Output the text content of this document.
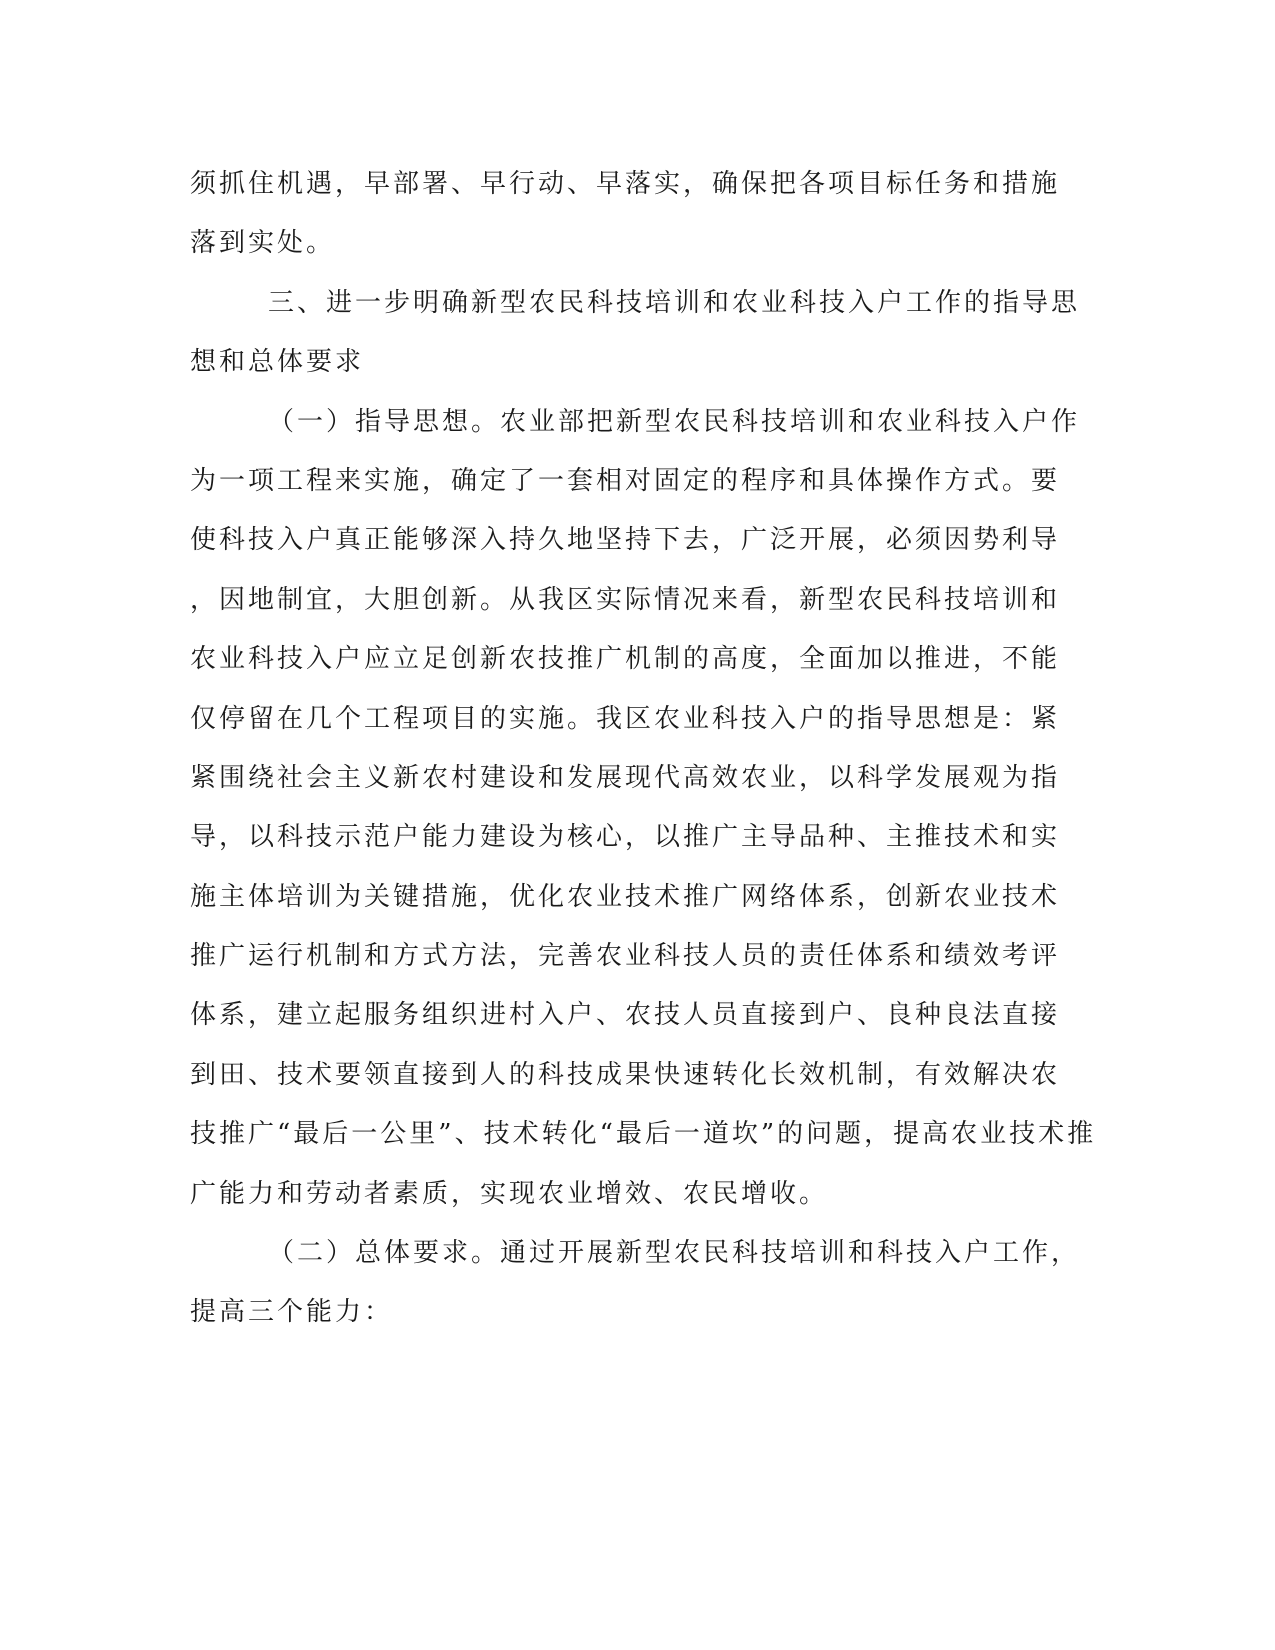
须抓住机遇，早部署、早行动、早落实，确保把各项目标任务和措施
落到实处。
三、进一步明确新型农民科技培训和农业科技入户工作的指导思
想和总体要求
（一）指导思想。农业部把新型农民科技培训和农业科技入户作
为一项工程来实施，确定了一套相对固定的程序和具体操作方式。要
使科技入户真正能够深入持久地坚持下去，广泛开展，必须因势利导
，因地制宜，大胆创新。从我区实际情况来看，新型农民科技培训和
农业科技入户应立足创新农技推广机制的高度，全面加以推进，不能
仅停留在几个工程项目的实施。我区农业科技入户的指导思想是：紧
紧围绕社会主义新农村建设和发展现代高效农业，以科学发展观为指
导，以科技示范户能力建设为核心，以推广主导品种、主推技术和实
施主体培训为关键措施，优化农业技术推广网络体系，创新农业技术
推广运行机制和方式方法，完善农业科技人员的责任体系和绩效考评
体系，建立起服务组织进村入户、农技人员直接到户、良种良法直接
到田、技术要领直接到人的科技成果快速转化长效机制，有效解决农
技推广“最后一公里”、技术转化“最后一道坎”的问题，提高农业技术推
广能力和劳动者素质，实现农业增效、农民增收。
（二）总体要求。通过开展新型农民科技培训和科技入户工作，
提高三个能力：
